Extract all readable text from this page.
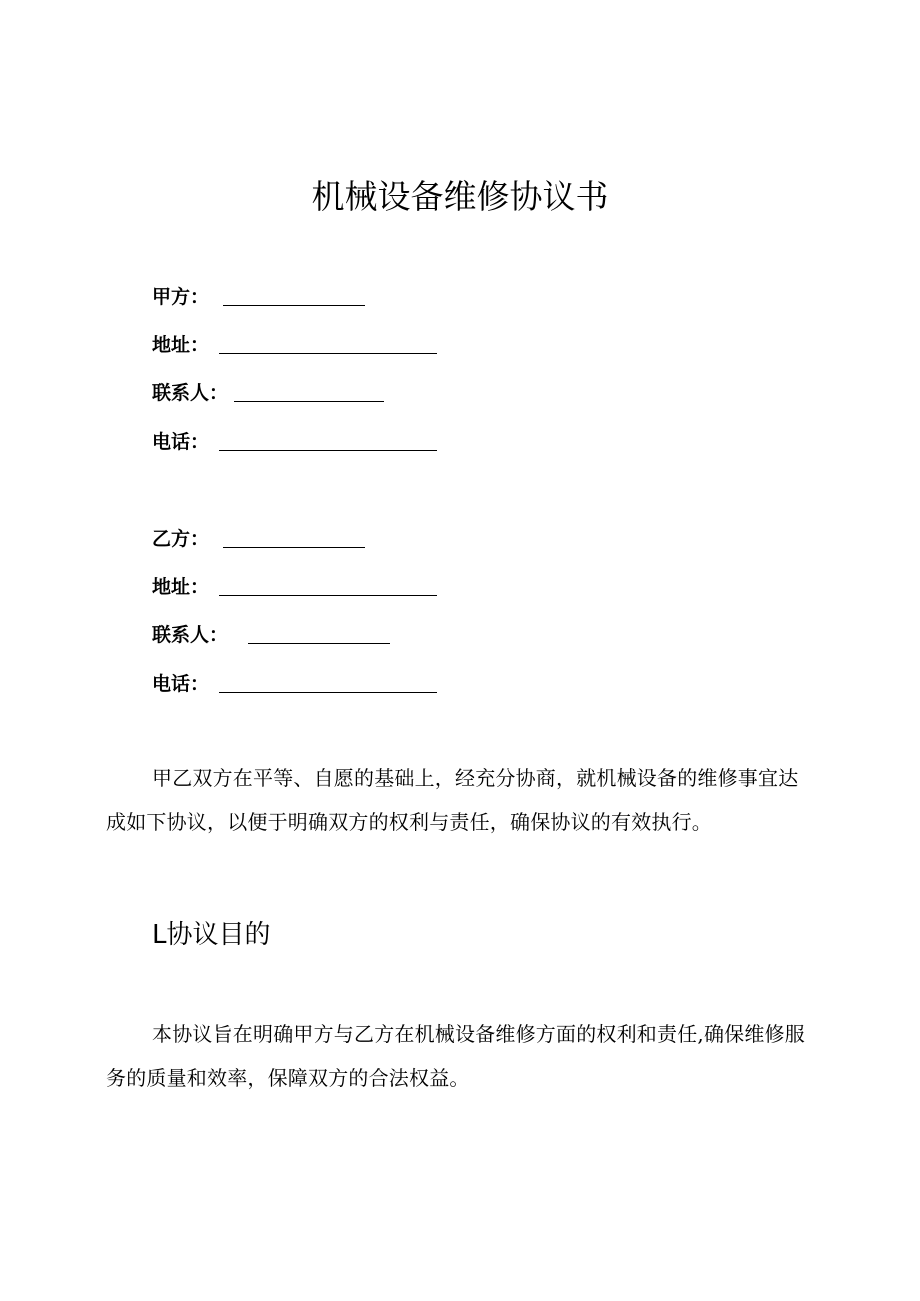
机械设备维修协议书
甲方：
地址：
联系人：
电话：
乙方：
地址：
联系人：
电话：

甲乙双方在平等、自愿的基础上，经充分协商，就机械设备的维修事宜达成如下协议，以便于明确双方的权利与责任，确保协议的有效执行。

L协议目的

本协议旨在明确甲方与乙方在机械设备维修方面的权利和责任,确保维修服务的质量和效率，保障双方的合法权益。
